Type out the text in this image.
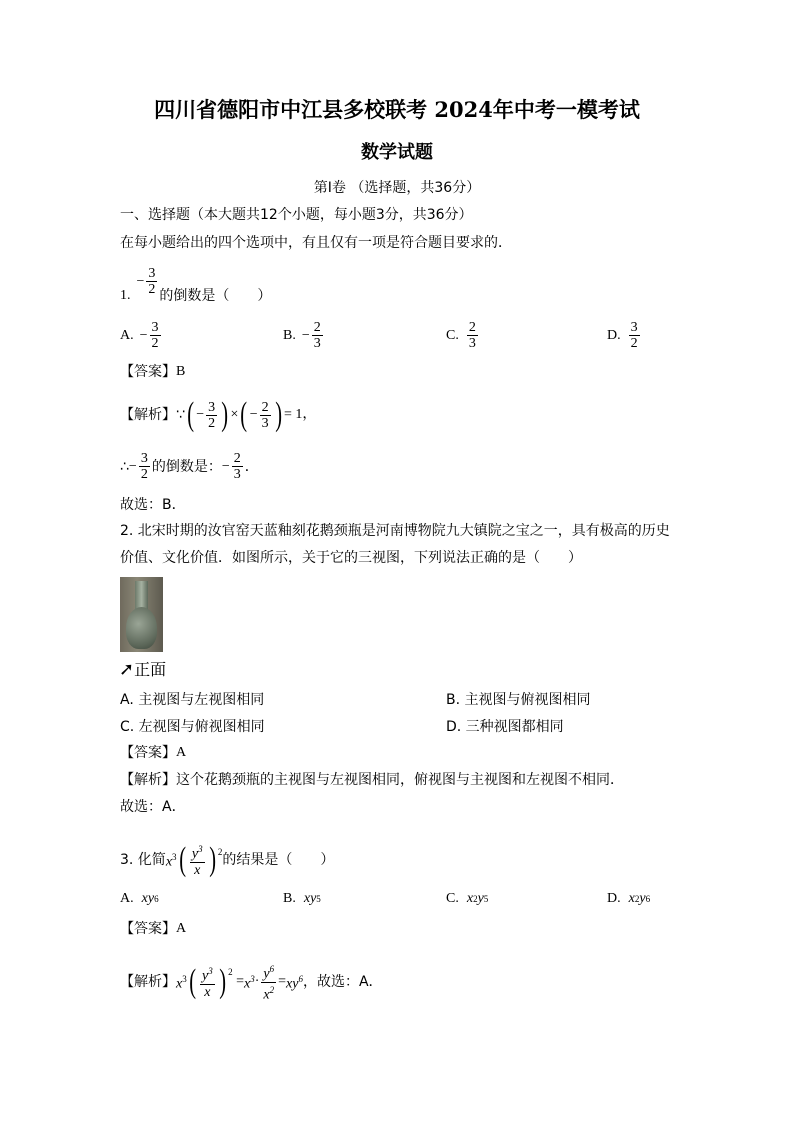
四川省德阳市中江县多校联考 2024年中考一模考试
数学试题
第Ⅰ卷 （选择题，共36分）
一、选择题（本大题共12个小题，每小题3分，共36分）
在每小题给出的四个选项中，有且仅有一项是符合题目要求的．
1.
− $\frac{3}{2}$ 的倒数是（　　）
A. − $\frac{3}{2}$	B. − $\frac{2}{3}$	C. $\frac{2}{3}$	D. $\frac{3}{2}$
【答案】 B
【解析】 ∵ ( − $\frac{3}{2}$ ) × ( − $\frac{2}{3}$ ) = 1，
∴ − $\frac{3}{2}$ 的倒数是： − $\frac{2}{3}$ ．
故选：B．
2. 北宋时期的汝官窑天蓝釉刻花鹅颈瓶是河南博物院九大镇院之宝之一，具有极高的历史
价值、文化价值．如图所示，关于它的三视图，下列说法正确的是（　　）
➚ 正面
A. 主视图与左视图相同	B. 主视图与俯视图相同
C. 左视图与俯视图相同	D. 三种视图都相同
【答案】 A
【解析】 这个花鹅颈瓶的主视图与左视图相同，俯视图与主视图和左视图不相同．
故选：A．
3. 化简 $x^3$ ( $\frac{y^3}{x}$ ) $^2$ 的结果是（　　）
A. x y 6	B. x y 5	C. x 2 y 5	D. x 2 y 6
【答案】 A
【解析】 $x^3$ ( $\frac{y^3}{x}$ ) $^2$
= $x^3 \cdot \frac{y^6}{x^2} = xy^6$ ，故选：A．
